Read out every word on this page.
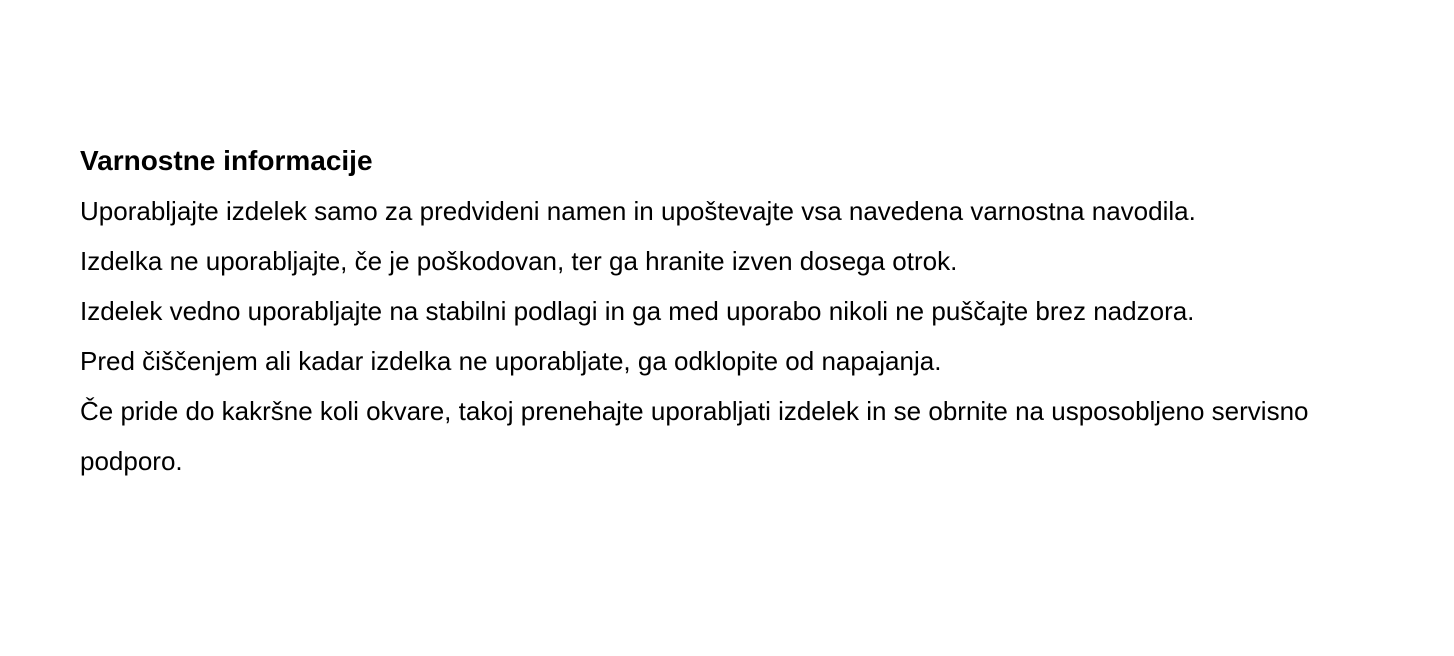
Varnostne informacije

Uporabljajte izdelek samo za predvideni namen in upoštevajte vsa navedena varnostna navodila.

Izdelka ne uporabljajte, če je poškodovan, ter ga hranite izven dosega otrok.

Izdelek vedno uporabljajte na stabilni podlagi in ga med uporabo nikoli ne puščajte brez nadzora.

Pred čiščenjem ali kadar izdelka ne uporabljate, ga odklopite od napajanja.

Če pride do kakršne koli okvare, takoj prenehajte uporabljati izdelek in se obrnite na usposobljeno servisno podporo.
